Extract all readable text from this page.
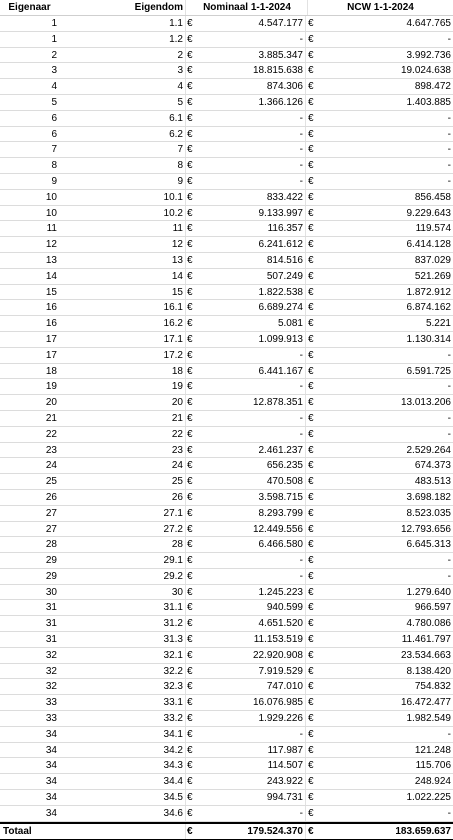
Eigenaar	Eigendom	Nominaal 1-1-2024	NCW 1-1-2024
1	1.1 €	4.547.177 €	4.647.765
1	1.2 €	- €	-
2	2 €	3.885.347 €	3.992.736
3	3 €	18.815.638 €	19.024.638
4	4 €	874.306 €	898.472
5	5 €	1.366.126 €	1.403.885
6	6.1 €	- €	-
6	6.2 €	- €	-
7	7 €	- €	-
8	8 €	- €	-
9	9 €	- €	-
10	10.1 €	833.422 €	856.458
10	10.2 €	9.133.997 €	9.229.643
11	11 €	116.357 €	119.574
12	12 €	6.241.612 €	6.414.128
13	13 €	814.516 €	837.029
14	14 €	507.249 €	521.269
15	15 €	1.822.538 €	1.872.912
16	16.1 €	6.689.274 €	6.874.162
16	16.2 €	5.081 €	5.221
17	17.1 €	1.099.913 €	1.130.314
17	17.2 €	- €	-
18	18 €	6.441.167 €	6.591.725
19	19 €	- €	-
20	20 €	12.878.351 €	13.013.206
21	21 €	- €	-
22	22 €	- €	-
23	23 €	2.461.237 €	2.529.264
24	24 €	656.235 €	674.373
25	25 €	470.508 €	483.513
26	26 €	3.598.715 €	3.698.182
27	27.1 €	8.293.799 €	8.523.035
27	27.2 €	12.449.556 €	12.793.656
28	28 €	6.466.580 €	6.645.313
29	29.1 €	- €	-
29	29.2 €	- €	-
30	30 €	1.245.223 €	1.279.640
31	31.1 €	940.599 €	966.597
31	31.2 €	4.651.520 €	4.780.086
31	31.3 €	11.153.519 €	11.461.797
32	32.1 €	22.920.908 €	23.534.663
32	32.2 €	7.919.529 €	8.138.420
32	32.3 €	747.010 €	754.832
33	33.1 €	16.076.985 €	16.472.477
33	33.2 €	1.929.226 €	1.982.549
34	34.1 €	- €	-
34	34.2 €	117.987 €	121.248
34	34.3 €	114.507 €	115.706
34	34.4 €	243.922 €	248.924
34	34.5 €	994.731 €	1.022.225
34	34.6 €	- €	-
Totaal	€	179.524.370 €	183.659.637
